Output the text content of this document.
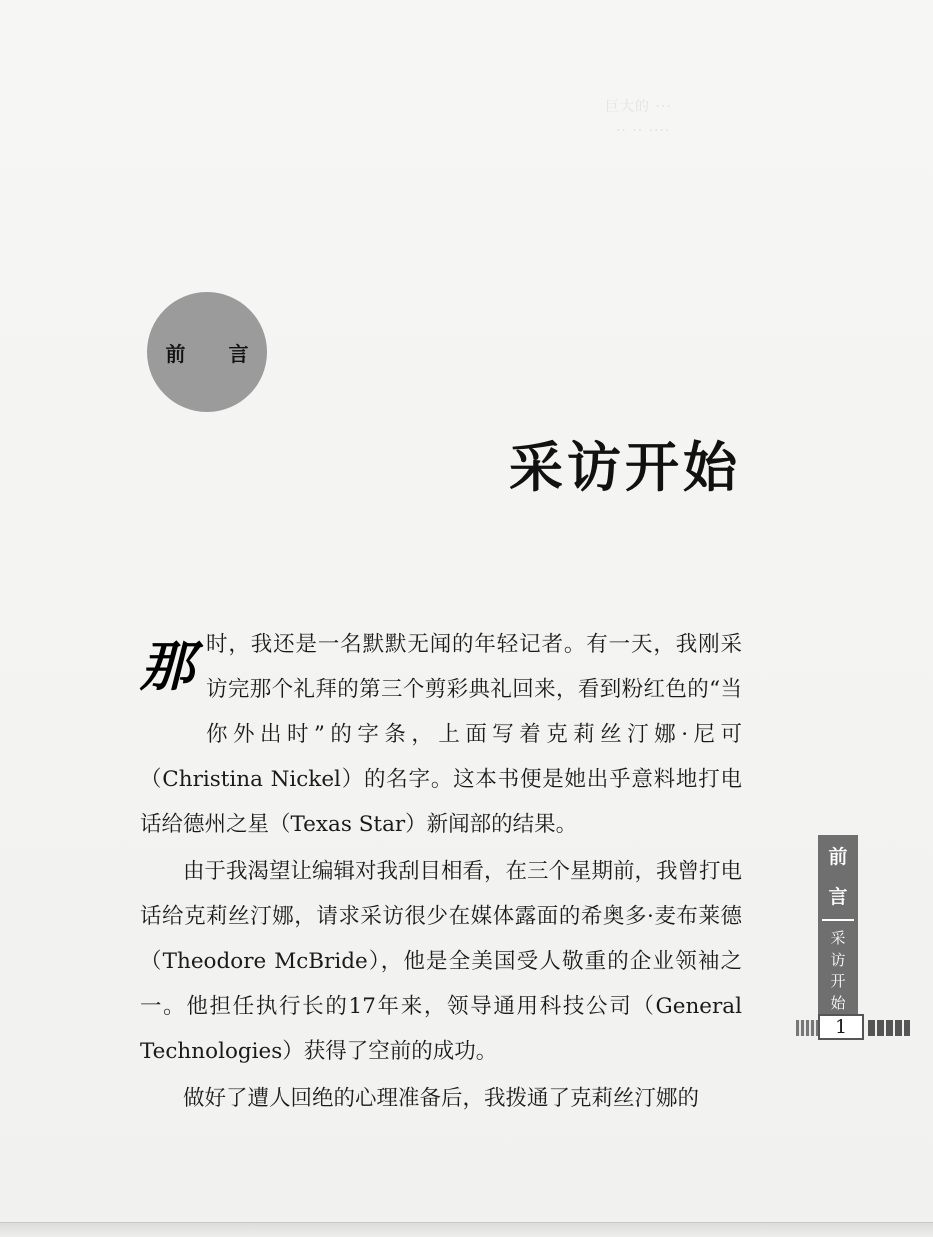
巨大的 ···
·· ·· ····

前 言
采访开始

那时，我还是一名默默无闻的年轻记者。有一天，我刚采访完那个礼拜的第三个剪彩典礼回来，看到粉红色的“当你外出时”的字条，上面写着克莉丝汀娜·尼可（Christina Nickel）的名字。这本书便是她出乎意料地打电话给德州之星（Texas Star）新闻部的结果。

由于我渴望让编辑对我刮目相看，在三个星期前，我曾打电话给克莉丝汀娜，请求采访很少在媒体露面的希奥多·麦布莱德（Theodore McBride），他是全美国受人敬重的企业领袖之一。他担任执行长的17年来，领导通用科技公司（General Technologies）获得了空前的成功。

做好了遭人回绝的心理准备后，我拨通了克莉丝汀娜的

前
言
采
访
开
始
1
